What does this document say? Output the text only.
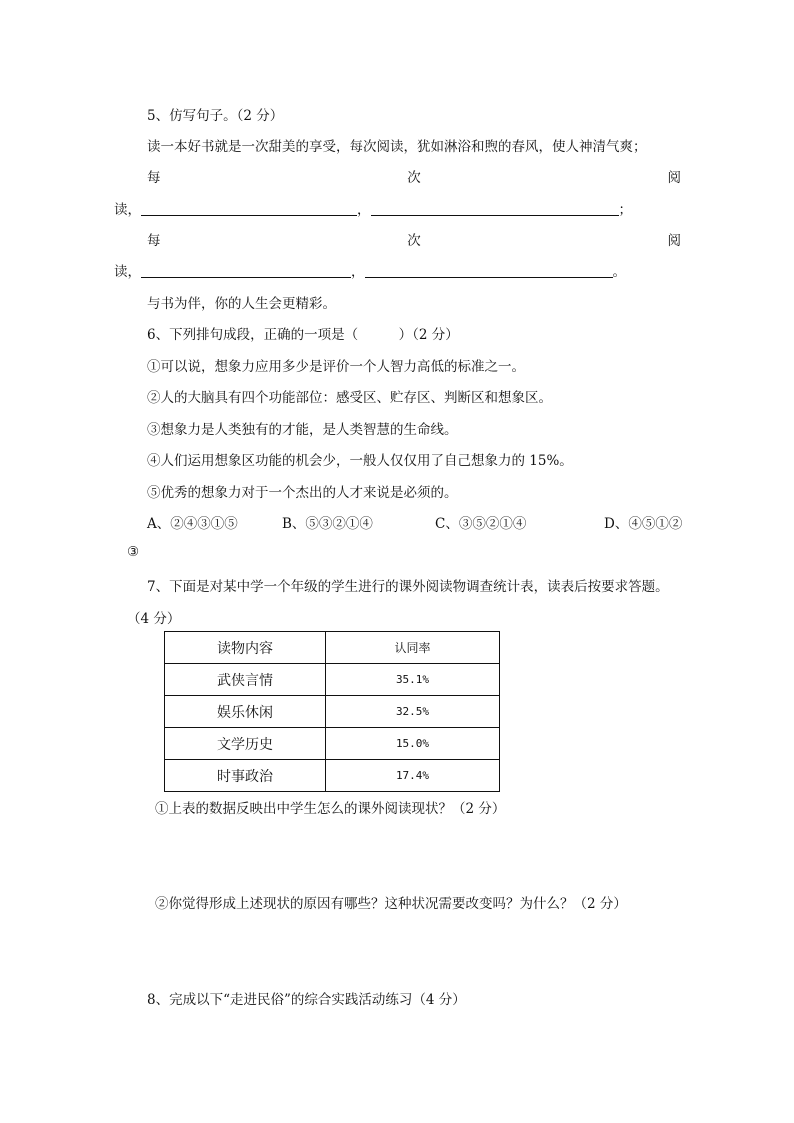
5、仿写句子。（2 分）
读一本好书就是一次甜美的享受，每次阅读，犹如淋浴和煦的春风，使人神清气爽；
每	次	阅
读，	，	；
每	次	阅
读，	，	。
与书为伴，你的人生会更精彩。
6、下列排句成段，正确的一项是（　　　）（2 分）
①可以说，想象力应用多少是评价一个人智力高低的标准之一。
②人的大脑具有四个功能部位：感受区、贮存区、判断区和想象区。
③想象力是人类独有的才能，是人类智慧的生命线。
④人们运用想象区功能的机会少，一般人仅仅用了自己想象力的 15%。
⑤优秀的想象力对于一个杰出的人才来说是必须的。
A、②④③①⑤	B、⑤③②①④	C、③⑤②①④	D、④⑤①②
③
7、下面是对某中学一个年级的学生进行的课外阅读物调查统计表，读表后按要求答题。
（4 分）
读物内容	认同率
武侠言情	35.1%
娱乐休闲	32.5%
文学历史	15.0%
时事政治	17.4%
①上表的数据反映出中学生怎么的课外阅读现状？（2 分）
②你觉得形成上述现状的原因有哪些？这种状况需要改变吗？为什么？（2 分）
8、完成以下“走进民俗”的综合实践活动练习（4 分）
